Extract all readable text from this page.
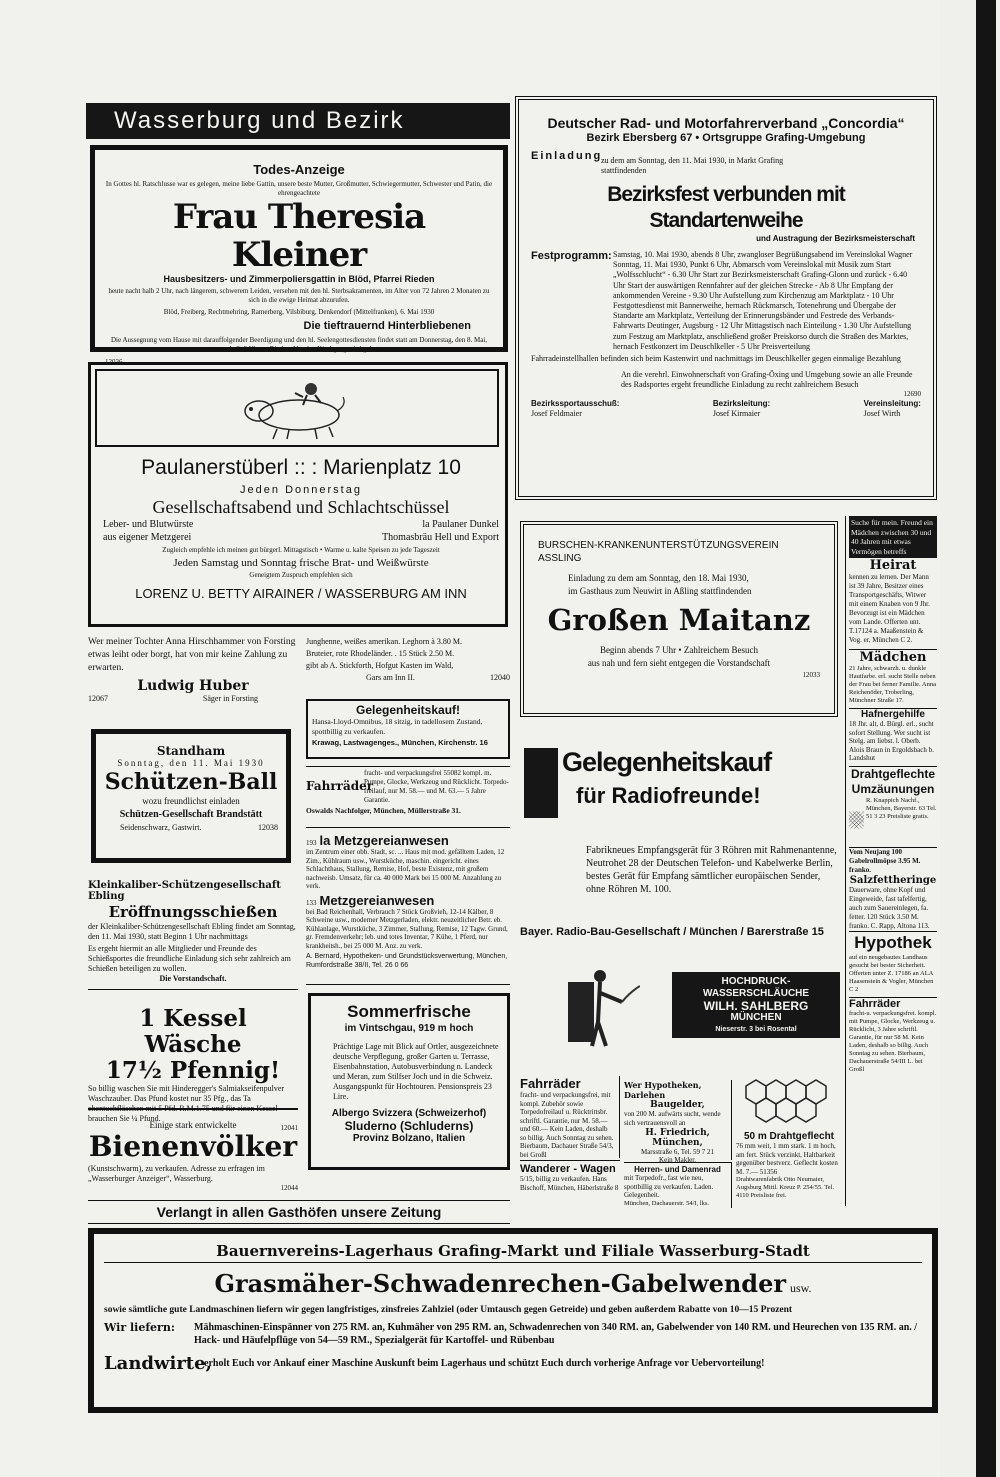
Wasserburg und Bezirk
Todes-Anzeige
In Gottes hl. Ratschlusse war es gelegen, meine liebe Gattin, unsere beste Mutter, Großmutter, Schwiegermutter, Schwester und Patin, die ehrengeachtete
Frau Theresia Kleiner
Hausbesitzers- und Zimmerpoliersgattin in Blöd, Pfarrei Rieden
heute nacht halb 2 Uhr, nach längerem, schwerem Leiden, versehen mit den hl. Sterbsakramenten, im Alter von 72 Jahren 2 Monaten zu sich in die ewige Heimat abzurufen.
Blöd, Freiberg, Rechtmehring, Ramerberg, Vilsbiburg, Denkendorf (Mittelfranken), 6. Mai 1930
Die tieftrauernd Hinterbliebenen
Die Aussegnung vom Hause mit darauffolgender Beerdigung und den hl. Seelengottesdiensten findet statt am Donnerstag, den 8. Mai, vorm. halb 8 Uhr zu Rieden. Um den Kirchgang wird gebeten.
12036
Paulanerstüberl :: : Marienplatz 10
Jeden Donnerstag
Gesellschaftsabend und Schlachtschüssel
Leber- und Blutwürste
aus eigener Metzgerei
la Paulaner Dunkel
Thomasbräu Hell und Export
Zugleich empfehle ich meinen gut bürgerl. Mittagstisch • Warme u. kalte Speisen zu jede Tageszeit
Jeden Samstag und Sonntag frische Brat- und Weißwürste
Geneigtem Zuspruch empfehlen sich
LORENZ U. BETTY AIRAINER / WASSERBURG AM INN
Deutscher Rad- und Motorfahrerverband „Concordia“
Bezirk Ebersberg 67 • Ortsgruppe Grafing-Umgebung
Einladung
zu dem am Sonntag, den 11. Mai 1930, in Markt Grafing
stattfindenden
Bezirksfest verbunden mit Standartenweihe
und Austragung der Bezirksmeisterschaft
Festprogramm: Samstag, 10. Mai 1930, abends 8 Uhr, zwangloser Begrüßungsabend im Vereinslokal Wagner Sonntag, 11. Mai 1930, Punkt 6 Uhr, Abmarsch vom Vereinslokal mit Musik zum Start „Wolfsschlucht“ - 6.30 Uhr Start zur Bezirksmeisterschaft Grafing-Glonn und zurück - 6.40 Uhr Start der auswärtigen Rennfahrer auf der gleichen Strecke - Ab 8 Uhr Empfang der ankommenden Vereine - 9.30 Uhr Aufstellung zum Kirchenzug am Marktplatz - 10 Uhr Festgottesdienst mit Bannerweihe, hernach Rückmarsch, Totenehrung und Übergabe der Standarte am Marktplatz, Verteilung der Erinnerungsbänder und Festrede des Verbands-Fahrwarts Deutinger, Augsburg - 12 Uhr Mittagstisch nach Einteilung - 1.30 Uhr Aufstellung zum Festzug am Marktplatz, anschließend großer Preiskorso durch die Straßen des Marktes, hernach Festkonzert im Deuschlkeller - 5 Uhr Preisverteilung
Fahrradeinstellhallen befinden sich beim Kastenwirt und nachmittags im Deuschlkeller gegen einmalige Bezahlung
An die verehrl. Einwohnerschaft von Grafing-Öxing und Umgebung sowie an alle Freunde des Radsportes ergeht freundliche Einladung zu recht zahlreichem Besuch
12690
Bezirkssportausschuß:
Josef Feldmaier
Bezirksleitung:
Josef Kirmaier
Vereinsleitung:
Josef Wirth
BURSCHEN-KRANKENUNTERSTÜTZUNGSVEREIN
ASSLING
Einladung zu dem am Sonntag, den 18. Mai 1930,
im Gasthaus zum Neuwirt in Aßling stattfindenden
Großen Maitanz
Beginn abends 7 Uhr • Zahlreichem Besuch
aus nah und fern sieht entgegen die Vorstandschaft
12033
Wer meiner Tochter Anna Hirschhammer von Forsting etwas leiht oder borgt, hat von mir keine Zahlung zu erwarten.
Ludwig Huber
12067	Säger in Forsting
Junghenne, weißes amerikan. Leghorn à 3.80 M.
Bruteier, rote Rhodeländer. . 15 Stück 2.50 M.
gibt ab A. Stickforth, Hofgut Kasten im Wald,
Gars am Inn II.	12040
Gelegenheitskauf!
Hansa-Lloyd-Omnibus, 18 sitzig, in tadellosem Zustand, spottbillig zu verkaufen.
Krawag, Lastwagenges., München, Kirchenstr. 16
Standham
Sonntag, den 11. Mai 1930
Schützen-Ball
wozu freundlichst einladen
Schützen-Gesellschaft Brandstätt
Seidenschwarz, Gastwirt.	12038
Fahrräder
fracht- und verpackungsfrei 55082 kompl. m. Pumpe, Glocke, Werkzeug und Rücklicht. Torpedo-freilauf, nur M. 58.— und M. 63.— 5 Jahre Garantie.
Oswalds Nachfolger, München, Müllerstraße 31.
Kleinkaliber-Schützengesellschaft Ebling
Eröffnungsschießen
der Kleinkaliber-Schützengesellschaft Ebling findet am Sonntag, den 11. Mai 1930, statt Beginn 1 Uhr nachmittags
Es ergeht hiermit an alle Mitglieder und Freunde des Schießsportes die freundliche Einladung sich sehr zahlreich am Schießen beteiligen zu wollen.
Die Vorstandschaft.
193 la Metzgereianwesen
im Zentrum einer obb. Stadt, sc. ... Haus mit mod. gefälltem Laden, 12 Zim., Kühlraum usw., Wurstküche, maschin. eingericht. eines Schlachthaus, Stallung, Remise, Hof, beste Existenz, mit großem nachweisb. Umsatz, für ca. 40 000 Mark bei 15 000 M. Anzahlung zu verk.
133 Metzgereianwesen
bei Bad Reichenhall, Verbrauch 7 Stück Großvieh, 12-14 Kälber, 8 Schweine usw., moderner Metzgerladen, elektr. neuzeitlicher Betr. eb. Kühlanlage, Wurstküche, 3 Zimmer, Stallung, Remise, 12 Tagw. Grund, gr. Fremdenverkehr; leb. und totes Inventar, 7 Kühe, 1 Pferd, nur krankheitsh., bei 25 000 M. Anz. zu verk.
A. Bernard, Hypotheken- und Grundstücksverwertung, München, Rumfordstraße 38/II, Tel. 26 0 66
Gelegenheitskauf
für Radiofreunde!
Fabrikneues Empfangsgerät für 3 Röhren mit Rahmenantenne, Neutrohet 28 der Deutschen Telefon- und Kabelwerke Berlin, bestes Gerät für Empfang sämtlicher europäischen Sender, ohne Röhren M. 100.
Bayer. Radio-Bau-Gesellschaft / München / Barerstraße 15
HOCHDRUCK-
WASSERSCHLÄUCHE
WILH. SAHLBERG
MÜNCHEN
Nieserstr. 3 bei Rosental
1 Kessel Wäsche
17½ Pfennig!
So billig waschen Sie mit Hinderegger's Salmiakseifenpulver Waschzauber. Das Pfund kostet nur 35 Pfg., das Ta chentuchfläschen mit 5 Pfd. R.M.1.75 und für einen Kessel brauchen Sie ¼ Pfund.
12041
Sommerfrische
im Vintschgau, 919 m hoch
Prächtige Lage mit Blick auf Ortler, ausgezeichnete deutsche Verpflegung, großer Garten u. Terrasse, Eisenbahnstation, Autobusverbindung n. Landeck und Meran, zum Stilfser Joch und in die Schweiz. Ausgangspunkt für Hochtouren. Pensionspreis 23 Lire.
Albergo Svizzera (Schweizerhof)
Sluderno (Schluderns)
Provinz Bolzano, Italien
Einige stark entwickelte
Bienenvölker
(Kunstschwarm), zu verkaufen. Adresse zu erfragen im „Wasserburger Anzeiger“, Wasserburg.
12044
Fahrräder
fracht- und verpackungsfrei, mit kompl. Zubehör sowie Torpedofreilauf u. Rücktrittsbr. schriftl. Garantie, nur M. 58.— und 60.— Kein Laden, deshalb so billig. Auch Sonntag zu sehen. Bierbaum, Dachauer Straße 54/3, bei Großl
Wanderer - Wagen
5/15, billig zu verkaufen. Hans Bischoff, München, Häberlstraße 8
Wer Hypotheken, Darlehen
Baugelder,
von 200 M. aufwärts sucht, wende sich vertrauensvoll an
H. Friedrich, München,
Marsstraße 6, Tel. 59 7 21
Kein Makler.
Herren- und Damenrad
mit Torpedofr., fast wie neu, spottbillig zu verkaufen. Laden. Gelegenheit.
München, Dachauerstr. 54/I, lks.
50 m Drahtgeflecht
76 mm weit, 1 mm stark. 1 m hoch, am fert. Stück verzinkt, Haltbarkeit gegenüber bestverz. Geflecht kosten M. 7.— 51356
Drahtwarenfabrik Otto Neumaier, Augsburg Mittl. Kreuz P. 254/55. Tel. 4110 Preisliste frei.
Suche für mein. Freund ein Mädchen zwischen 30 und 40 Jahren mit etwas Vermögen betreffs
Heirat
kennen zu lernen. Der Mann ist 39 Jahre, Besitzer eines Transportgeschäfts, Witwer mit einem Knaben von 9 Jhr. Bevorzugt ist ein Mädchen vom Lande. Offerten unt. T.17124 a. Maaßenstein & Vog. er, München C 2.
Mädchen
21 Jahre, schwarzh. u. dunkle Hautfarbe. erl. sucht Stelle neben der Frau bei ferner Familie. Anna Reichenöder, Troberling, Münchner Straße 17.
Hafnergehilfe
18 Jhr. alt, d. Bürgl. erl., sucht sofort Stellung. Wer sucht ist Stelg. am liebst. l. Oberb. Alois Braun in Ergoldsbach b. Landshut
Drahtgeflechte
Umzäunungen
R. Knappich Nachf., München, Bayerstr. 63 Tel. 51 3 23 Preisliste gratis.
Vom Neujang 100 Gabelrollmöpse 3.95 M. franko.
Salzfettheringe
Dauerware, ohne Kopf und Eingeweide, fast tafelfertig, auch zum Sauereinlegen, fa. fetter. 120 Stück 3.50 M. franko. C. Rapp, Altona 113.
Hypothek
auf ein neugebautes Landhaus gesucht bei bester Sicherheit. Offerten unter Z. 17186 an ALA Haasenstein & Vogler, München C 2
Fahrräder
fracht-u. verpackungsfrei. kompl. mit Pumpe, Glocke, Werkzeug u. Rücklicht, 3 Jahre schriftl. Garantie, für nur 58 M. Kein Laden, deshalb so billig. Auch Sonntag zu sehen. Bierbaum, Dachauerstraße 54/III L. bei Großl
Verlangt in allen Gasthöfen unsere Zeitung
Bauernvereins-Lagerhaus Grafing-Markt und Filiale Wasserburg-Stadt
Grasmäher-Schwadenrechen-Gabelwender usw.
sowie sämtliche gute Landmaschinen liefern wir gegen langfristiges, zinsfreies Zahlziel (oder Umtausch gegen Getreide) und geben außerdem Rabatte von 10—15 Prozent
Wir liefern:	Mähmaschinen-Einspänner von 275 RM. an, Kuhmäher von 295 RM. an, Schwadenrechen von 340 RM. an, Gabelwender von 140 RM. und Heurechen von 135 RM. an. / Hack- und Häufelpflüge von 54—59 RM., Spezialgerät für Kartoffel- und Rübenbau
Landwirte,
erholt Euch vor Ankauf einer Maschine Auskunft beim Lagerhaus und schützt Euch durch vorherige Anfrage vor Uebervorteilung!
